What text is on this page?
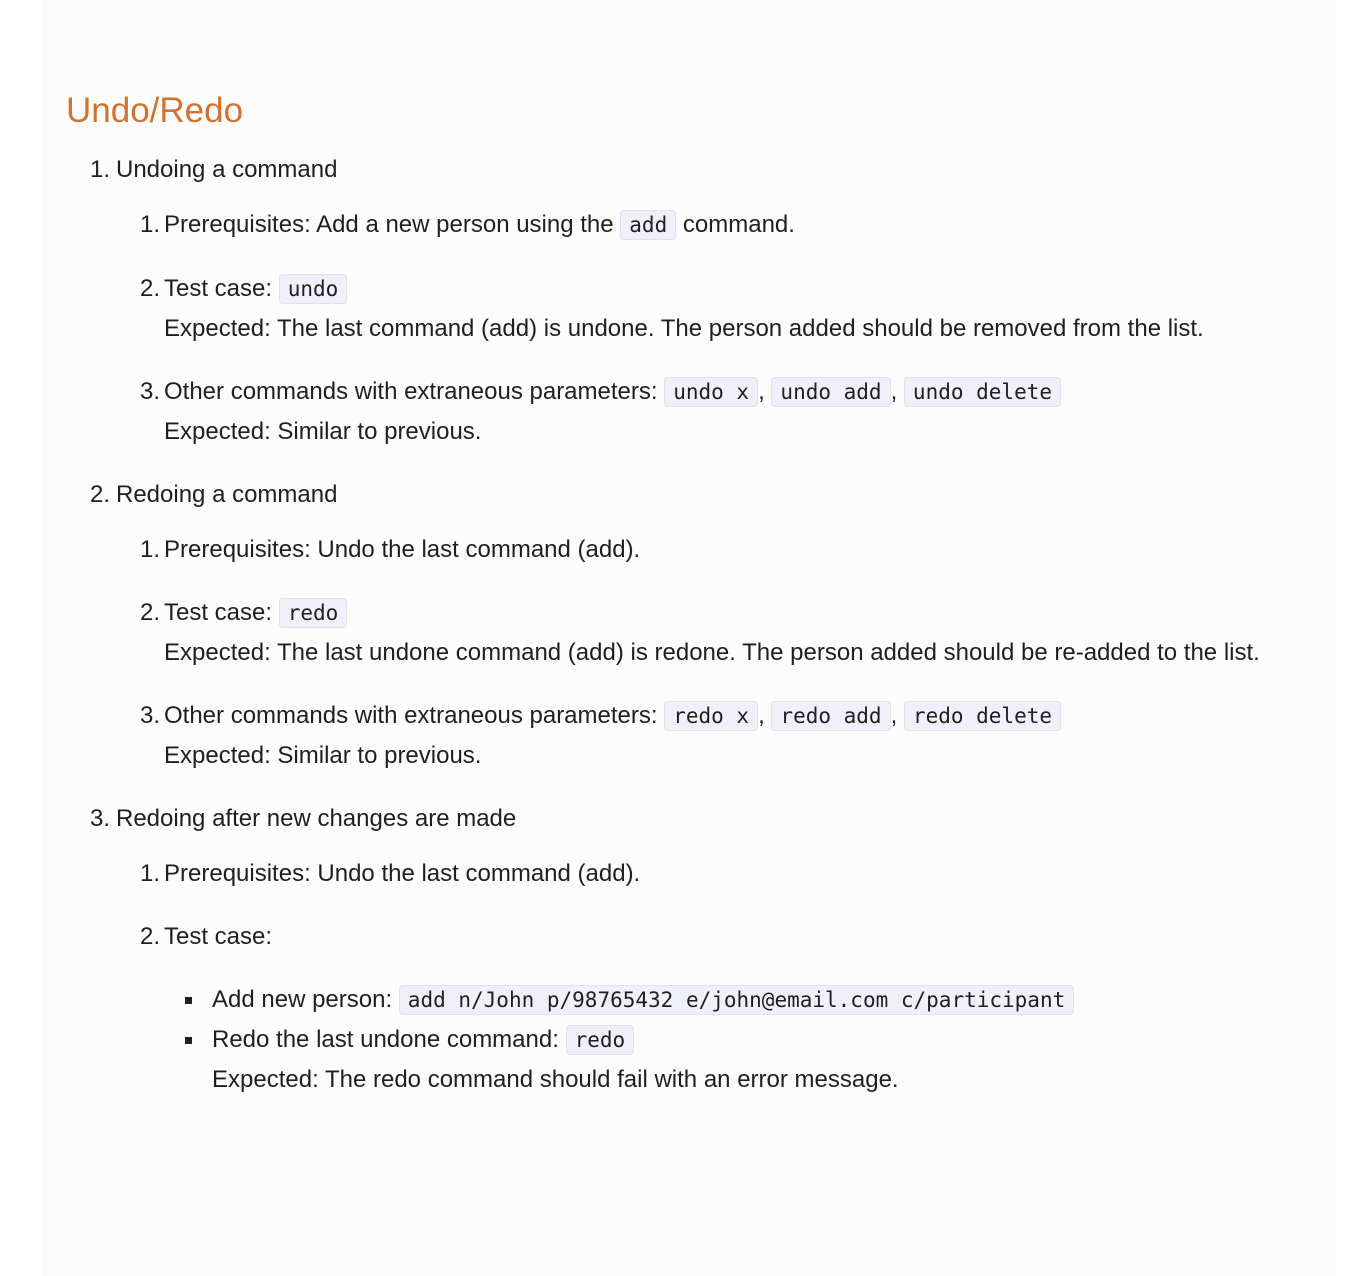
Undo/Redo
1. Undoing a command
1. Prerequisites: Add a new person using the add command.
2. Test case: undo
Expected: The last command (add) is undone. The person added should be removed from the list.
3. Other commands with extraneous parameters: undo x , undo add , undo delete
Expected: Similar to previous.
2. Redoing a command
1. Prerequisites: Undo the last command (add).
2. Test case: redo
Expected: The last undone command (add) is redone. The person added should be re-added to the list.
3. Other commands with extraneous parameters: redo x , redo add , redo delete
Expected: Similar to previous.
3. Redoing after new changes are made
1. Prerequisites: Undo the last command (add).
2. Test case:
Add new person: add n/John p/98765432 e/john@email.com c/participant
Redo the last undone command: redo
Expected: The redo command should fail with an error message.
